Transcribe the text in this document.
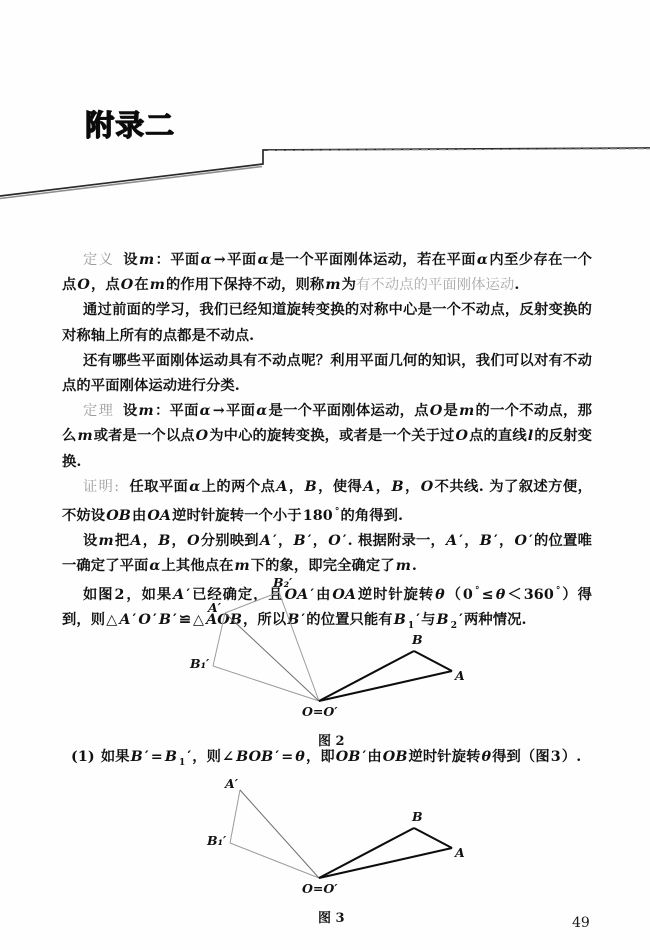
附录二

定义 设m：平面α →平面α是一个平面刚体运动，若在平面α内至少存在一个点O，点O在m的作用下保持不动，则称m为有不动点的平面刚体运动.

通过前面的学习，我们已经知道旋转变换的对称中心是一个不动点，反射变换的对称轴上所有的点都是不动点.

还有哪些平面刚体运动具有不动点呢？利用平面几何的知识，我们可以对有不动点的平面刚体运动进行分类.

定理 设m：平面α →平面α是一个平面刚体运动，点O是m的一个不动点，那么m或者是一个以点O为中心的旋转变换，或者是一个关于过O点的直线l的反射变换.

证明: 任取平面α上的两个点A，B，使得A，B，O不共线. 为了叙述方便，不妨设OB由OA逆时针旋转一个小于180 °的角得到.

设m把A，B，O分别映到A ′，B ′，O ′. 根据附录一，A ′，B ′，O ′的位置唯一确定了平面α上其他点在m下的象，即完全确定了m.

如图2，如果A ′已经确定，且OA ′由OA逆时针旋转θ（0 ° ≤ θ ＜ 360 °）得到，则△ A ′ O ′ B ′ ≌ △ AOB，所以B ′的位置只能有B $_1$ ′与B $_2$ ′两种情况.

A′
B₂′
B₁′
O=O′
B
A
图 2

(1) 如果B ′ = B $_1$ ′，则∠ BOB ′ = θ，即OB ′由OB逆时针旋转θ得到（图3）.

A′
B₁′
O=O′
B
A
图 3	49
